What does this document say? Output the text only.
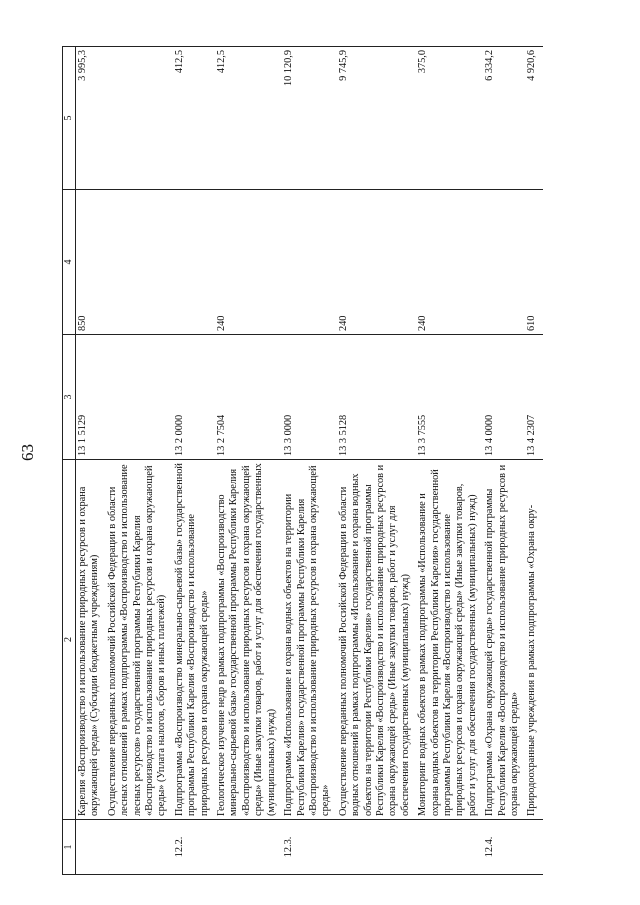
63
1	2	3	4	5
	Карелия «Воспроизводство и использование природных ресурсов и охрана окружающей среды» (Субсидии бюджетным учреждениям)	13 1 5129	850	3 995,3
	Осуществление переданных полномочий Российской Федерации в области лесных отношений в рамках подпрограммы «Воспроизводство и использование лесных ресурсов» государственной программы Республики Карелия «Воспроизводство и использование природных ресурсов и охрана окружающей среды» (Уплата налогов, сборов и иных платежей)			
12.2.	Подпрограмма «Воспроизводство минерально-сырьевой базы» государственной программы Республики Карелия «Воспроизводство и использование природных ресурсов и охрана окружающей среды»	13 2 0000		412,5
	Геологическое изучение недр в рамках подпрограммы «Воспроизводство минерально-сырьевой базы» государственной программы Республики Карелия «Воспроизводство и использование природных ресурсов и охрана окружающей среды» (Иные закупки товаров, работ и услуг для обеспечения государственных (муниципальных) нужд)	13 2 7504	240	412,5
12.3.	Подпрограмма «Использование и охрана водных объектов на территории Республики Карелия» государственной программы Республики Карелия «Воспроизводство и использование природных ресурсов и охрана окружающей среды»	13 3 0000		10 120,9
	Осуществление переданных полномочий Российской Федерации в области водных отношений в рамках подпрограммы «Использование и охрана водных объектов на территории Республики Карелия» государственной программы Республики Карелия «Воспроизводство и использование природных ресурсов и охрана окружающей среды» (Иные закупки товаров, работ и услуг для обеспечения государственных (муниципальных) нужд)	13 3 5128	240	9 745,9
	Мониторинг водных объектов в рамках подпрограммы «Использование и охрана водных объектов на территории Республики Карелия» государственной программы Республики Карелия «Воспроизводство и использование природных ресурсов и охрана окружающей среды» (Иные закупки товаров, работ и услуг для обеспечения государственных (муниципальных) нужд)	13 3 7555	240	375,0
12.4.	Подпрограмма «Охрана окружающей среды» государственной программы Республики Карелия «Воспроизводство и использование природных ресурсов и охрана окружающей среды»	13 4 0000		6 334,2
	Природоохранные учреждения в рамках подпрограммы «Охрана окру-	13 4 2307	610	4 920,6
